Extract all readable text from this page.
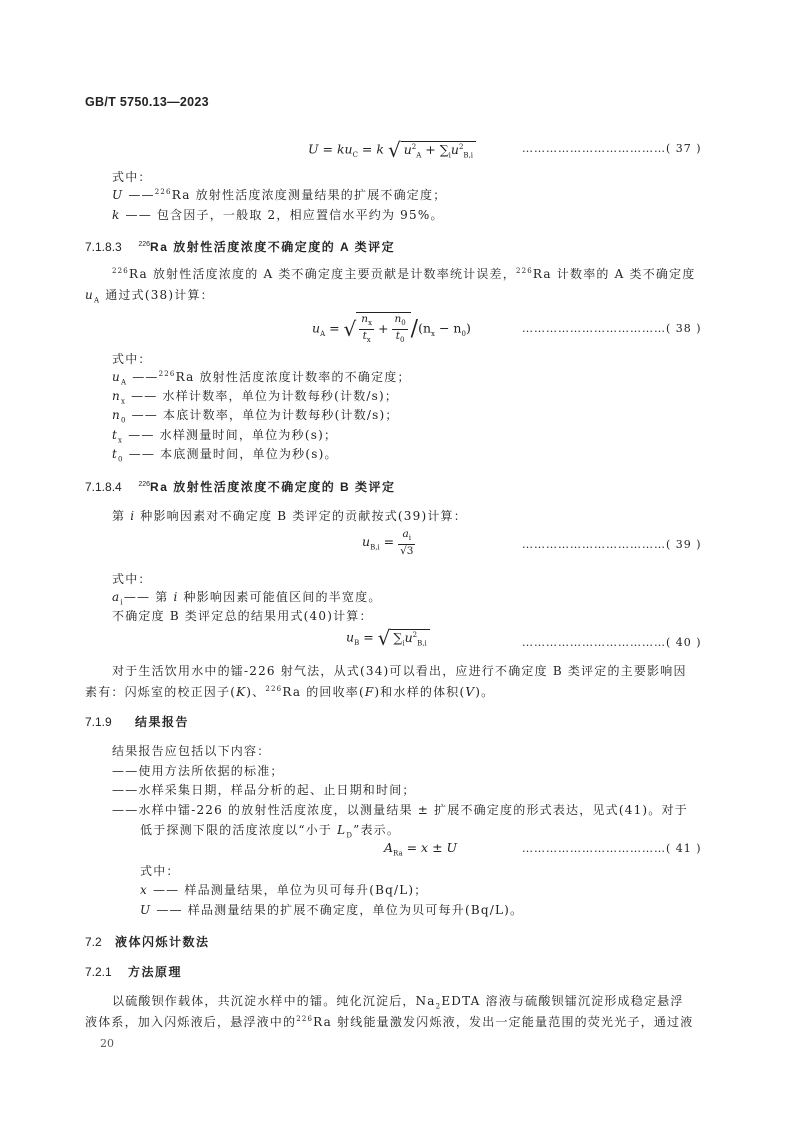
GB/T 5750.13—2023
$U = ku_C = k$ √ $u^2_A + \sum_iu^2_{B,i}$
………………………………( 37 )
式中：
U ——$^{226}$Ra 放射性活度浓度测量结果的扩展不确定度；
k —— 包含因子，一般取 2，相应置信水平约为 95%。
7.1.8.3 $^{226}$Ra 放射性活度浓度不确定度的 A 类评定
$^{226}$Ra 放射性活度浓度的 A 类不确定度主要贡献是计数率统计误差，$^{226}$Ra 计数率的 A 类不确定度
$u_A$ 通过式(38)计算：
$u_A$ = √ $\frac{n_x}{t_x} + \frac{n_0}{t_0} /(n_x - n_0)$	………………………………( 38 )
式中：
$u_A$ ——$^{226}$Ra 放射性活度浓度计数率的不确定度；
$n_x$ —— 水样计数率，单位为计数每秒(计数/s)；
$n_0$ —— 本底计数率，单位为计数每秒(计数/s)；
$t_x$ —— 水样测量时间，单位为秒(s)；
$t_0$ —— 本底测量时间，单位为秒(s)。
7.1.8.4 $^{226}$Ra 放射性活度浓度不确定度的 B 类评定
第 i 种影响因素对不确定度 B 类评定的贡献按式(39)计算：
$u_{B,i} = \frac{a_i}{√3}$	………………………………( 39 )
式中：
$a_i——$ 第 i 种影响因素可能值区间的半宽度。
不确定度 B 类评定总的结果用式(40)计算：
$u_B$ = √ $\sum_iu^2_{B,i}$	………………………………( 40 )
对于生活饮用水中的镭-226 射气法，从式(34)可以看出，应进行不确定度 B 类评定的主要影响因
素有：闪烁室的校正因子(K)、$^{226}$Ra 的回收率(F)和水样的体积(V)。
7.1.9 结果报告
结果报告应包括以下内容：
——使用方法所依据的标准；
——水样采集日期，样品分析的起、止日期和时间；
——水样中镭-226 的放射性活度浓度，以测量结果 ± 扩展不确定度的形式表达，见式(41)。对于
低于探测下限的活度浓度以“小于 $L_D$”表示。
$A_{Ra} = x \pm U$	………………………………( 41 )
式中：
x —— 样品测量结果，单位为贝可每升(Bq/L)；
U —— 样品测量结果的扩展不确定度，单位为贝可每升(Bq/L)。
7.2 液体闪烁计数法
7.2.1 方法原理
以硫酸钡作载体，共沉淀水样中的镭。纯化沉淀后，$Na_2EDTA$ 溶液与硫酸钡镭沉淀形成稳定悬浮
液体系，加入闪烁液后，悬浮液中的$^{226}$Ra 射线能量激发闪烁液，发出一定能量范围的荧光光子，通过液
20
